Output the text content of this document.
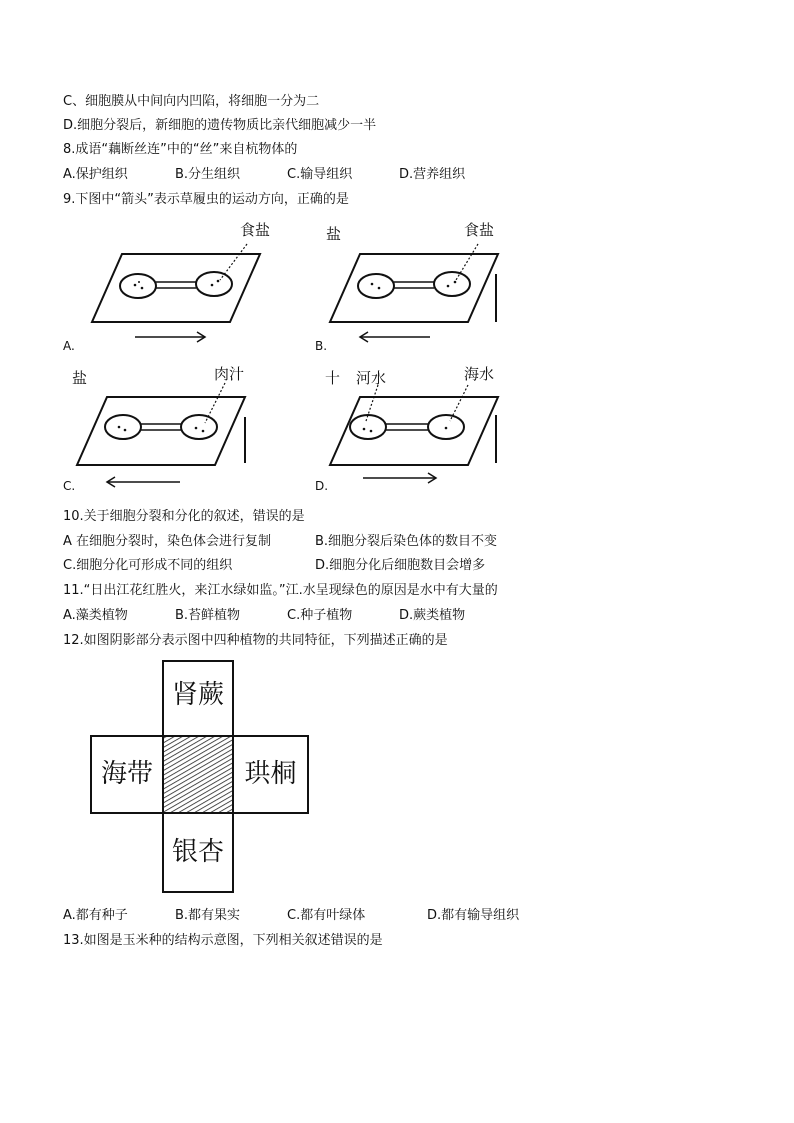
C、细胞膜从中间向内凹陷，将细胞一分为二
D.细胞分裂后，新细胞的遗传物质比亲代细胞减少一半
8.成语“藕断丝连”中的“丝”来自杭物体的
A.保护组织	B.分生组织	C.输导组织	D.营养组织
9.下图中“箭头”表示草履虫的运动方向，正确的是
食盐
A.
盐	食盐
B.
盐	肉汁
C.
十 河水	海水
D.
10.关于细胞分裂和分化的叙述，错误的是
A 在细胞分裂时，染色体会进行复制	B.细胞分裂后染色体的数目不变
C.细胞分化可形成不同的组织	D.细胞分化后细胞数目会增多
11.“日出江花红胜火，来江水绿如监。”江.水呈现绿色的原因是水中有大量的
A.藻类植物	B.苔鲜植物	C.种子植物	D.蕨类植物
12.如图阴影部分表示图中四种植物的共同特征，下列描述正确的是
肾蕨
海带	珙桐
银杏
A.都有种子	B.都有果实	C.都有叶绿体	D.都有输导组织
13.如图是玉米种的结构示意图，下列相关叙述错误的是
